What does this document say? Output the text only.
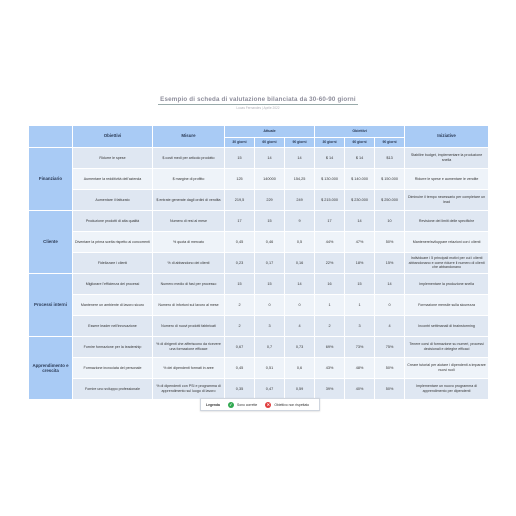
Esempio di scheda di valutazione bilanciata da 30-60-90 giorni
Lucas Fernandes | Aprile 2022
	Obiettivi	Misure	Attuale			Obiettivi			Iniziative
			30 giorni	60 giorni	90 giorni	30 giorni	60 giorni	90 giorni	
Finanziario	Ridurre le spese	$ costi medi per articolo prodotto	15	14	14	$ 14	$ 14	$13	Stabilire budget, implementare la produzione snella
	Aumentare la redditività dell'azienda	$ margine di profitto	125	140000	154,25	$ 130.000	$ 140.000	$ 150.000	Ridurre le spese e aumentare le vendite
	Aumentare il fatturato	$ entrate generate dagli ordini di vendita	219,5	229	249	$ 215.000	$ 230.000	$ 250.000	Diminuire il tempo necessario per completare un lead
Cliente	Produzione prodotti di alta qualità	Numero di resi al mese	17	15	9	17	14	10	Revisione dei limiti delle specifiche
	Diventare la prima scelta rispetto ai concorrenti	% quota di mercato	0,45	0,46	0,5	44%	47%	50%	Mantenere/sviluppare relazioni con i clienti
	Fidelizzare i clienti	% di abbandono dei clienti	0,23	0,17	0,16	22%	18%	15%	Individuare i 5 principali motivi per cui i clienti abbandonano e come ridurre il numero di clienti che abbandonano
Processi interni	Migliorare l'efficienza dei processi	Numero medio di fasi per processo	15	15	14	16	15	14	Implementare la produzione snella
	Mantenere un ambiente di lavoro sicuro	Numero di infortuni sul lavoro al mese	2	0	0	1	1	0	Formazione mensile sulla sicurezza
	Essere leader nell'innovazione	Numero di nuovi prodotti fabbricati	2	3	4	2	3	4	Incontri settimanali di brainstorming
Apprendimento e crescita	Fornire formazione per la leadership	% di dirigenti che afferiscono da ricevere una formazione efficace	0,67	0,7	0,73	69%	73%	75%	Tenere corsi di formazione su numeri, processi decisionali e deleghe efficaci
	Formazione incrociata del personale	% dei dipendenti formati in aree	0,45	0,51	0,6	43%	48%	50%	Creare tutorial per aiutare i dipendenti a imparare nuovi ruoli
	Fornire uno sviluppo professionale	% di dipendenti con PSI e programma di apprendimento sul luogo di lavoro	0,35	0,47	0,59	39%	40%	50%	Implementare un nuovo programma di apprendimento per dipendenti
Legenda	✓	Sono corrette	✕	Obiettivo non rispettato
